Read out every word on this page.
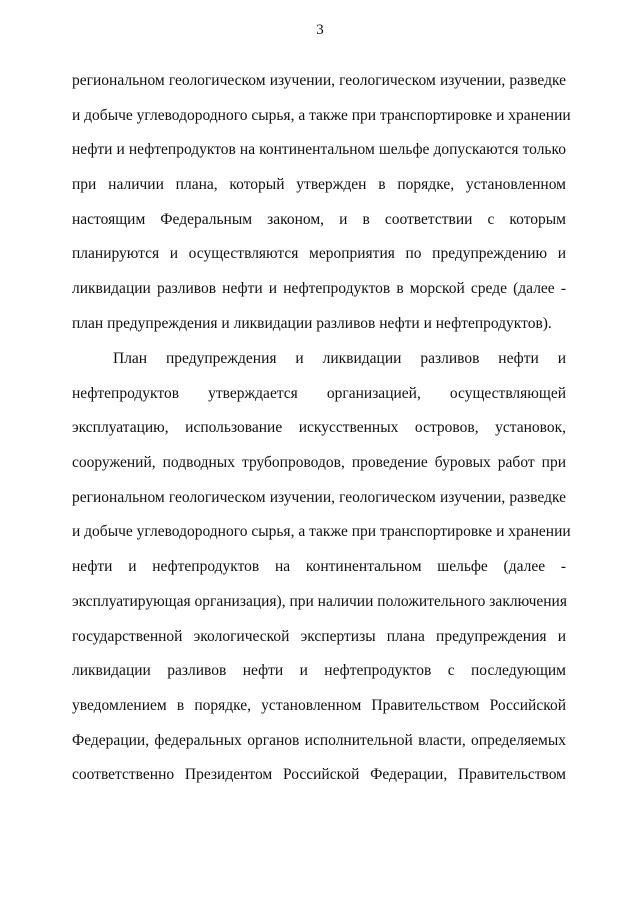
3
региональном геологическом изучении, геологическом изучении, разведке
и добыче углеводородного сырья, а также при транспортировке и хранении
нефти и нефтепродуктов на континентальном шельфе допускаются только
при наличии плана, который утвержден в порядке, установленном
настоящим Федеральным законом, и в соответствии с которым
планируются и осуществляются мероприятия по предупреждению и
ликвидации разливов нефти и нефтепродуктов в морской среде (далее -
план предупреждения и ликвидации разливов нефти и нефтепродуктов).
План предупреждения и ликвидации разливов нефти и
нефтепродуктов утверждается организацией, осуществляющей
эксплуатацию, использование искусственных островов, установок,
сооружений, подводных трубопроводов, проведение буровых работ при
региональном геологическом изучении, геологическом изучении, разведке
и добыче углеводородного сырья, а также при транспортировке и хранении
нефти и нефтепродуктов на континентальном шельфе (далее -
эксплуатирующая организация), при наличии положительного заключения
государственной экологической экспертизы плана предупреждения и
ликвидации разливов нефти и нефтепродуктов с последующим
уведомлением в порядке, установленном Правительством Российской
Федерации, федеральных органов исполнительной власти, определяемых
соответственно Президентом Российской Федерации, Правительством
